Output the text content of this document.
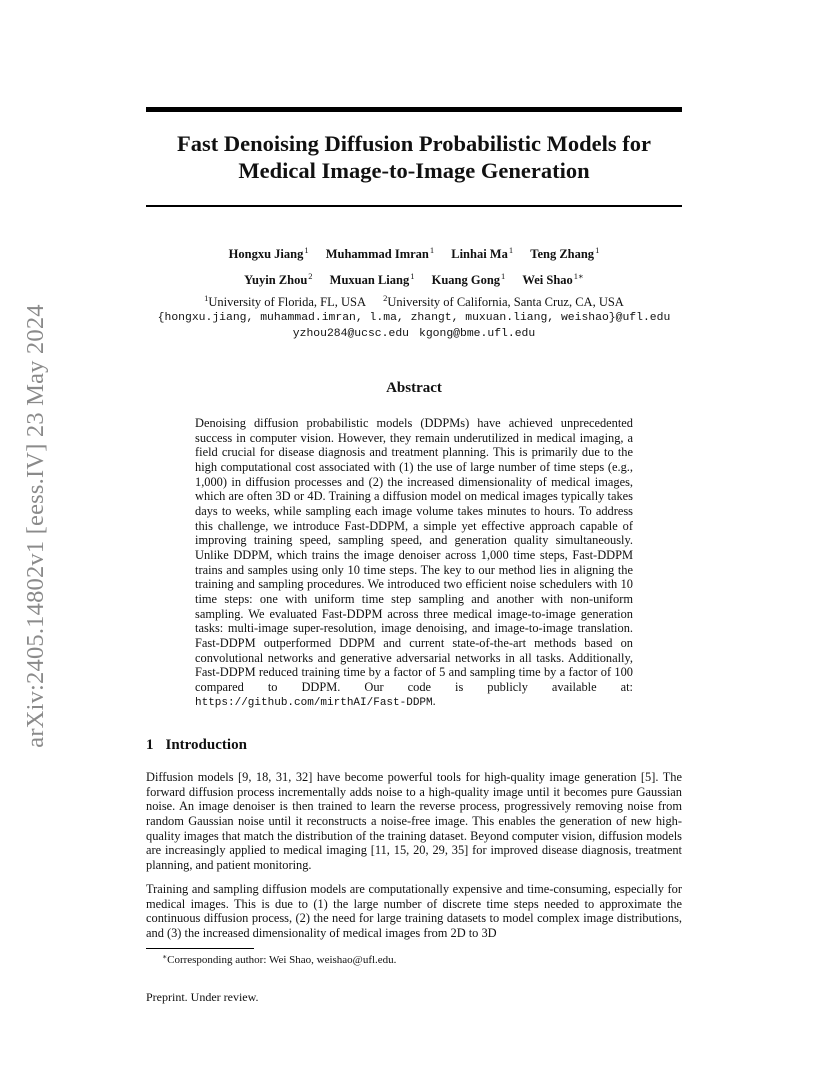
arXiv:2405.14802v1 [eess.IV] 23 May 2024
Fast Denoising Diffusion Probabilistic Models for
Medical Image-to-Image Generation
Hongxu Jiang$^1$ Muhammad Imran$^1$ Linhai Ma$^1$ Teng Zhang$^1$
Yuyin Zhou$^2$ Muxuan Liang$^1$ Kuang Gong$^1$ Wei Shao$^{1∗}$
$^1$University of Florida, FL, USA $^2$University of California, Santa Cruz, CA, USA
{hongxu.jiang, muhammad.imran, l.ma, zhangt, muxuan.liang, weishao}@ufl.edu
yzhou284@ucsc.edu kgong@bme.ufl.edu
Abstract

Denoising diffusion probabilistic models (DDPMs) have achieved unprecedented success in computer vision. However, they remain underutilized in medical imaging, a field crucial for disease diagnosis and treatment planning. This is primarily due to the high computational cost associated with (1) the use of large number of time steps (e.g., 1,000) in diffusion processes and (2) the increased dimensionality of medical images, which are often 3D or 4D. Training a diffusion model on medical images typically takes days to weeks, while sampling each image volume takes minutes to hours. To address this challenge, we introduce Fast-DDPM, a simple yet effective approach capable of improving training speed, sampling speed, and generation quality simultaneously. Unlike DDPM, which trains the image denoiser across 1,000 time steps, Fast-DDPM trains and samples using only 10 time steps. The key to our method lies in aligning the training and sampling procedures. We introduced two efficient noise schedulers with 10 time steps: one with uniform time step sampling and another with non-uniform sampling. We evaluated Fast-DDPM across three medical image-to-image generation tasks: multi-image super-resolution, image denoising, and image-to-image translation. Fast-DDPM outperformed DDPM and current state-of-the-art methods based on convolutional networks and generative adversarial networks in all tasks. Additionally, Fast-DDPM reduced training time by a factor of 5 and sampling time by a factor of 100 compared to DDPM. Our code is publicly available at: https://github.com/mirthAI/Fast-DDPM.

1 Introduction

Diffusion models [9, 18, 31, 32] have become powerful tools for high-quality image generation [5]. The forward diffusion process incrementally adds noise to a high-quality image until it becomes pure Gaussian noise. An image denoiser is then trained to learn the reverse process, progressively removing noise from random Gaussian noise until it reconstructs a noise-free image. This enables the generation of new high-quality images that match the distribution of the training dataset. Beyond computer vision, diffusion models are increasingly applied to medical imaging [11, 15, 20, 29, 35] for improved disease diagnosis, treatment planning, and patient monitoring.

Training and sampling diffusion models are computationally expensive and time-consuming, especially for medical images. This is due to (1) the large number of discrete time steps needed to approximate the continuous diffusion process, (2) the need for large training datasets to model complex image distributions, and (3) the increased dimensionality of medical images from 2D to 3D

∗Corresponding author: Wei Shao, weishao@ufl.edu.

Preprint. Under review.
